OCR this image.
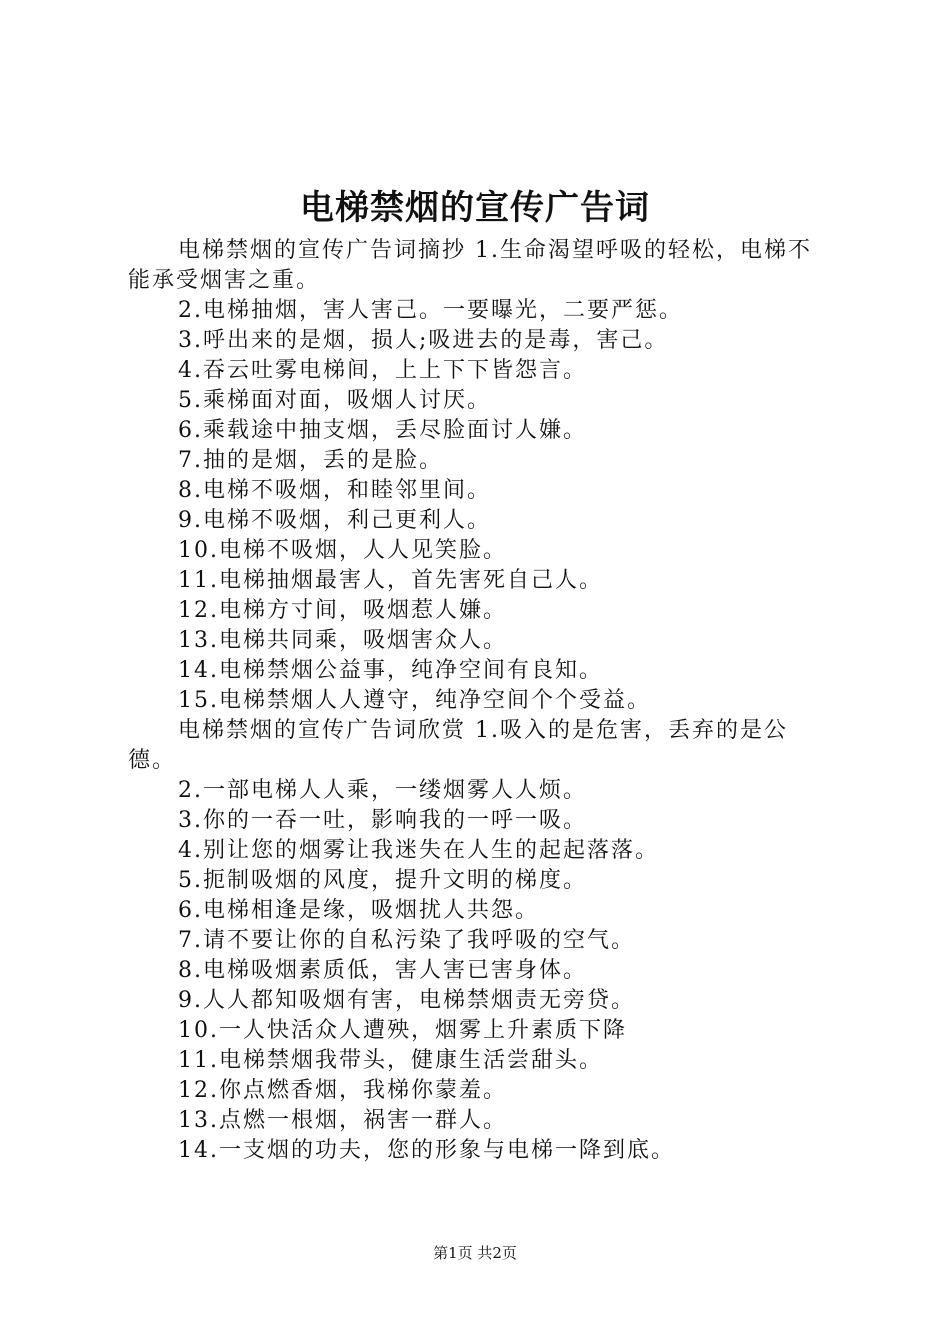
电梯禁烟的宣传广告词

电梯禁烟的宣传广告词摘抄 1.生命渴望呼吸的轻松，电梯不能承受烟害之重。

2.电梯抽烟，害人害己。一要曝光，二要严惩。

3.呼出来的是烟，损人;吸进去的是毒，害己。

4.吞云吐雾电梯间，上上下下皆怨言。

5.乘梯面对面，吸烟人讨厌。

6.乘载途中抽支烟，丢尽脸面讨人嫌。

7.抽的是烟，丢的是脸。

8.电梯不吸烟，和睦邻里间。

9.电梯不吸烟，利己更利人。

10.电梯不吸烟，人人见笑脸。

11.电梯抽烟最害人，首先害死自己人。

12.电梯方寸间，吸烟惹人嫌。

13.电梯共同乘，吸烟害众人。

14.电梯禁烟公益事，纯净空间有良知。

15.电梯禁烟人人遵守，纯净空间个个受益。

电梯禁烟的宣传广告词欣赏 1.吸入的是危害，丢弃的是公德。

2.一部电梯人人乘，一缕烟雾人人烦。

3.你的一吞一吐，影响我的一呼一吸。

4.别让您的烟雾让我迷失在人生的起起落落。

5.扼制吸烟的风度，提升文明的梯度。

6.电梯相逢是缘，吸烟扰人共怨。

7.请不要让你的自私污染了我呼吸的空气。

8.电梯吸烟素质低，害人害已害身体。

9.人人都知吸烟有害，电梯禁烟责无旁贷。

10.一人快活众人遭殃，烟雾上升素质下降

11.电梯禁烟我带头，健康生活尝甜头。

12.你点燃香烟，我梯你蒙羞。

13.点燃一根烟，祸害一群人。

14.一支烟的功夫，您的形象与电梯一降到底。

第1页 共2页
